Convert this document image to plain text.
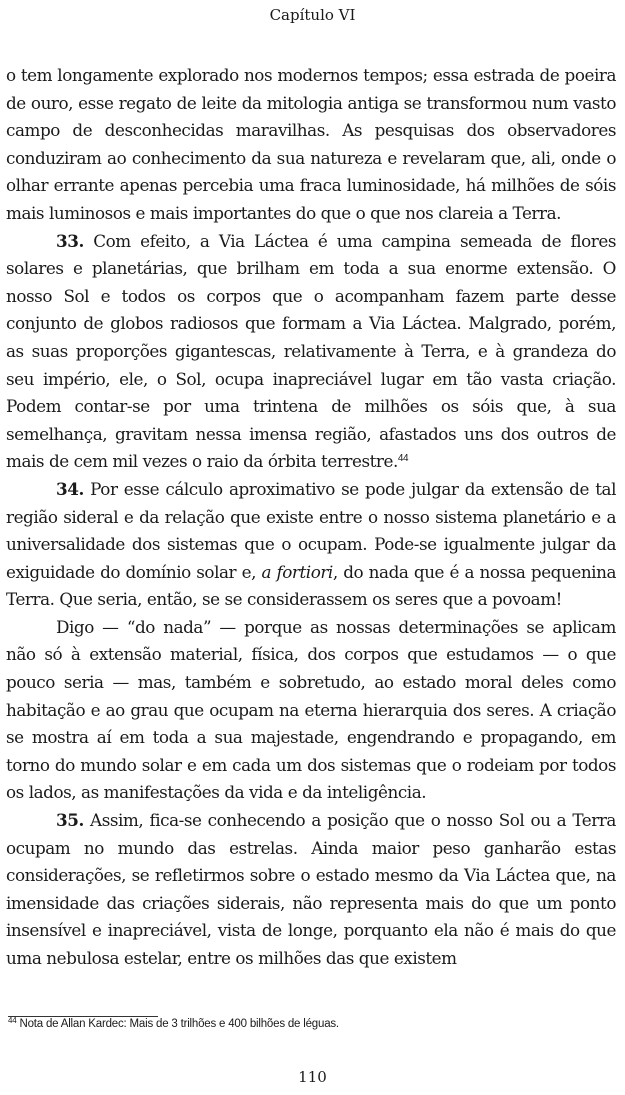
Capítulo VI

o tem longamente explorado nos modernos tempos; essa estrada de poeira de ouro, esse regato de leite da mitologia antiga se transformou num vasto campo de desconhecidas maravilhas. As pesquisas dos observadores conduziram ao conhecimento da sua natureza e revelaram que, ali, onde o olhar errante apenas percebia uma fraca luminosidade, há milhões de sóis mais luminosos e mais importantes do que o que nos clareia a Terra.

33. Com efeito, a Via Láctea é uma campina semeada de flores solares e planetárias, que brilham em toda a sua enorme extensão. O nosso Sol e todos os corpos que o acompanham fazem parte desse conjunto de globos radiosos que formam a Via Láctea. Malgrado, porém, as suas proporções gigantescas, relativamente à Terra, e à grandeza do seu império, ele, o Sol, ocupa inapreciável lugar em tão vasta criação. Podem contar-se por uma trintena de milhões os sóis que, à sua semelhança, gravitam nessa imensa região, afastados uns dos outros de mais de cem mil vezes o raio da órbita terrestre.$^{44}$

34. Por esse cálculo aproximativo se pode julgar da extensão de tal região sideral e da relação que existe entre o nosso sistema planetário e a universalidade dos sistemas que o ocupam. Pode-se igualmente julgar da exiguidade do domínio solar e, a fortiori, do nada que é a nossa pequenina Terra. Que seria, então, se se considerassem os seres que a povoam!

Digo — “do nada” — porque as nossas determinações se aplicam não só à extensão material, física, dos corpos que estudamos — o que pouco seria — mas, também e sobretudo, ao estado moral deles como habitação e ao grau que ocupam na eterna hierarquia dos seres. A criação se mostra aí em toda a sua majestade, engendrando e propagando, em torno do mundo solar e em cada um dos sistemas que o rodeiam por todos os lados, as manifestações da vida e da inteligência.

35. Assim, fica-se conhecendo a posição que o nosso Sol ou a Terra ocupam no mundo das estrelas. Ainda maior peso ganharão estas considerações, se refletirmos sobre o estado mesmo da Via Láctea que, na imensidade das criações siderais, não representa mais do que um ponto insensível e inapreciável, vista de longe, porquanto ela não é mais do que uma nebulosa estelar, entre os milhões das que existem

$^{44}$ Nota de Allan Kardec: Mais de 3 trilhões e 400 bilhões de léguas.
110
